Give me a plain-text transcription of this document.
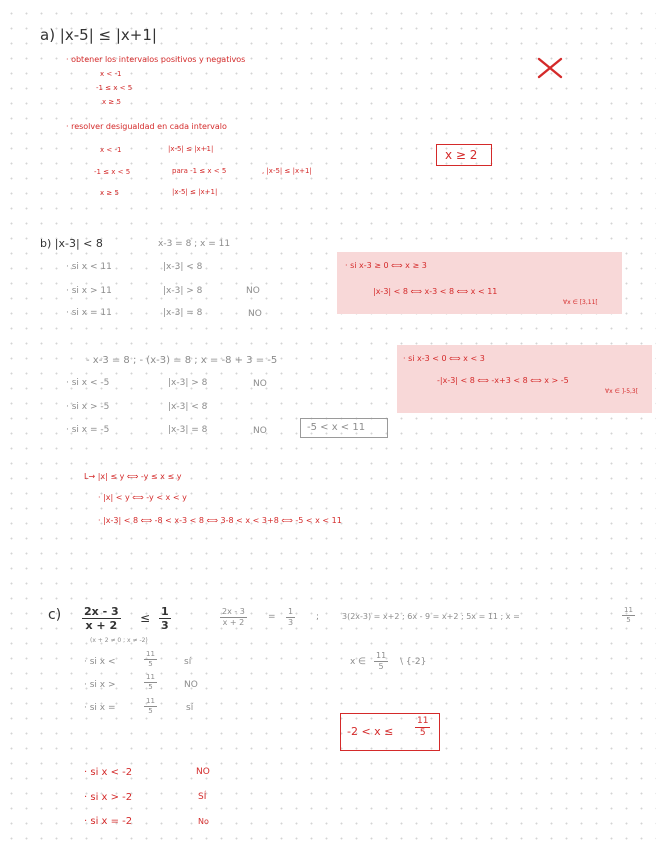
a) |x-5| ≤ |x+1|
· obtener los intervalos positivos y negativos
x < -1
-1 ≤ x < 5
x ≥ 5
· resolver desigualdad en cada intervalo
x < -1	|x-5| ≤ |x+1|
-1 ≤ x < 5	para -1 ≤ x < 5	, |x-5| ≤ |x+1|
x ≥ 5	|x-5| ≤ |x+1|
x ≥ 2
b) |x-3| < 8	x-3 = 8 ; x = 11
· si x < 11	|x-3| < 8
· si x > 11	|x-3| > 8	NO
· si x = 11	|x-3| = 8	NO
· si x-3 ≥ 0 ⟺ x ≥ 3
|x-3| < 8 ⟺ x-3 < 8 ⟺ x < 11
∀x ∈ [3,11[
- x-3 = 8 ; - (x-3) = 8 ; x = -8 + 3 = -5
· si x < -5	|x-3| > 8	NO
· si x > -5	|x-3| < 8
· si x = -5	|x-3| = 8	NO	-5 < x < 11
· si x-3 < 0 ⟺ x < 3
-|x-3| < 8 ⟺ -x+3 < 8 ⟺ x > -5
∀x ∈ ]-5,3[
L→ |x| ≤ y ⟺ -y ≤ x ≤ y
· |x| < y ⟺ -y < x < y
· |x-3| < 8 ⟺ -8 < x-3 < 8 ⟺ 3-8 < x < 3+8 ⟺ -5 < x < 11
$c) \frac{2x - 3}{x + 2} \le \frac{1}{3}$
(x + 2 ≠ 0 ; x ≠ -2)
$\frac{2x - 3}{x + 2} = \frac{1}{3}$ ;	3(2x-3) = x+2 ; 6x - 9 = x+2 ; 5x = 11 ; x =	$\frac{11}{5}$
x ∈ $\frac{11}{5}$ \ {-2}
· si x <	$\frac{11}{5}$	sí
· si x >	$\frac{11}{5}$	NO
· si x =	$\frac{11}{5}$	sí
$-2 < x \le \frac{11}{5}$
· si x < -2	NO
· si x > -2	SÍ
· si x = -2	No
